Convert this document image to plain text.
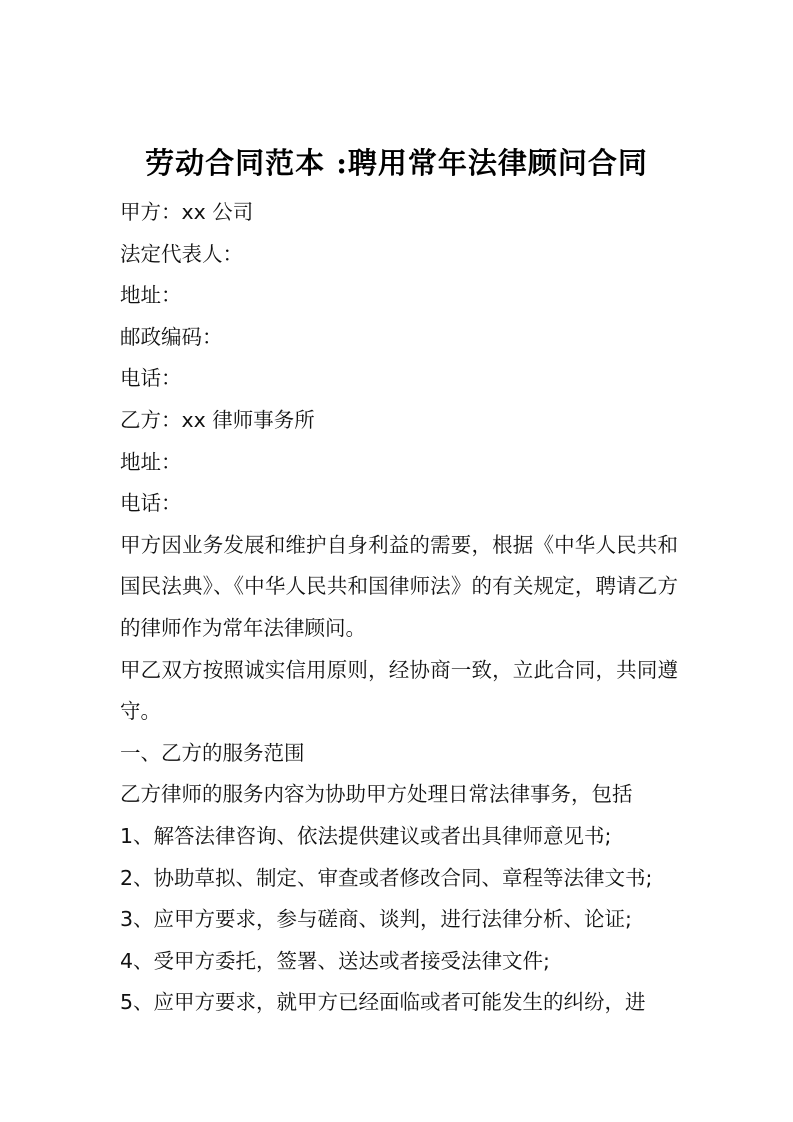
劳动合同范本 :聘用常年法律顾问合同

甲方：xx 公司

法定代表人：

地址：

邮政编码：

电话：

乙方：xx 律师事务所

地址：

电话：

甲方因业务发展和维护自身利益的需要，根据《中华人民共和国民法典》、《中华人民共和国律师法》的有关规定，聘请乙方的律师作为常年法律顾问。

甲乙双方按照诚实信用原则，经协商一致，立此合同，共同遵守。

一、乙方的服务范围

乙方律师的服务内容为协助甲方处理日常法律事务，包括

1、解答法律咨询、依法提供建议或者出具律师意见书;

2、协助草拟、制定、审查或者修改合同、章程等法律文书;

3、应甲方要求，参与磋商、谈判，进行法律分析、论证;

4、受甲方委托，签署、送达或者接受法律文件;

5、应甲方要求，就甲方已经面临或者可能发生的纠纷，进
